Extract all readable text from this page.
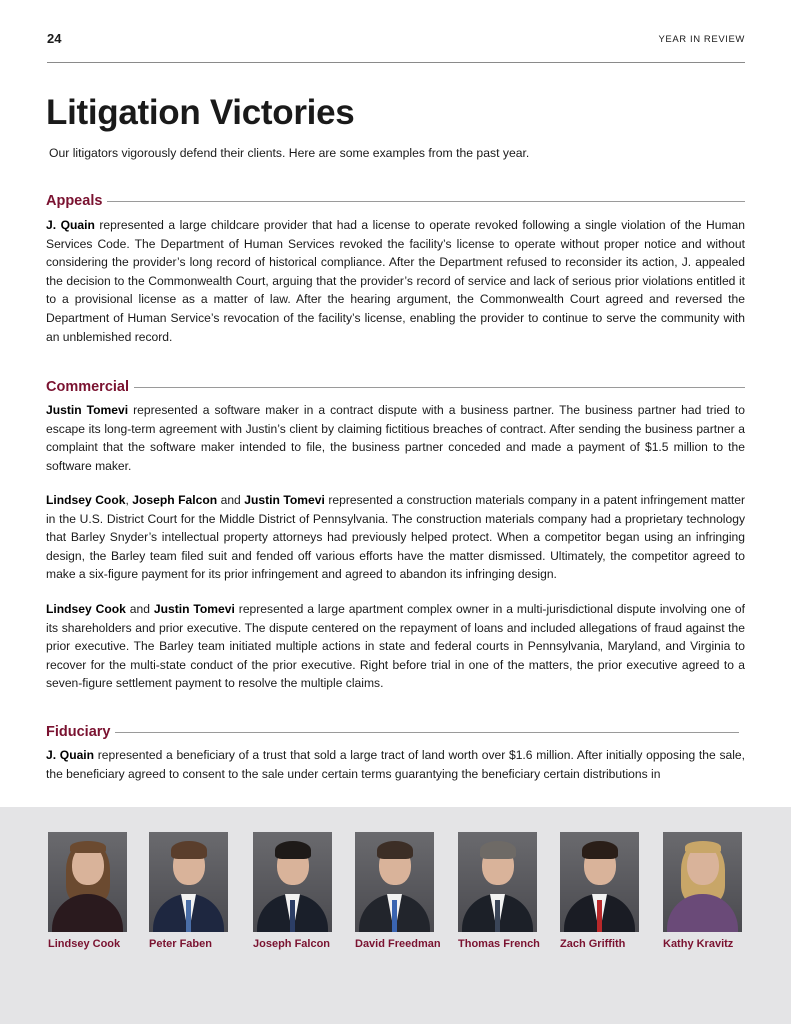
24	YEAR IN REVIEW
Litigation Victories

Our litigators vigorously defend their clients. Here are some examples from the past year.

Appeals

J. Quain represented a large childcare provider that had a license to operate revoked following a single violation of the Human Services Code. The Department of Human Services revoked the facility’s license to operate without proper notice and without considering the provider’s long record of historical compliance. After the Department refused to reconsider its action, J. appealed the decision to the Commonwealth Court, arguing that the provider’s record of service and lack of serious prior violations entitled it to a provisional license as a matter of law. After the hearing argument, the Commonwealth Court agreed and reversed the Department of Human Service’s revocation of the facility’s license, enabling the provider to continue to serve the community with an unblemished record.

Commercial

Justin Tomevi represented a software maker in a contract dispute with a business partner. The business partner had tried to escape its long-term agreement with Justin’s client by claiming fictitious breaches of contract. After sending the business partner a complaint that the software maker intended to file, the business partner conceded and made a payment of $1.5 million to the software maker.

Lindsey Cook, Joseph Falcon and Justin Tomevi represented a construction materials company in a patent infringement matter in the U.S. District Court for the Middle District of Pennsylvania. The construction materials company had a proprietary technology that Barley Snyder’s intellectual property attorneys had previously helped protect. When a competitor began using an infringing design, the Barley team filed suit and fended off various efforts have the matter dismissed. Ultimately, the competitor agreed to make a six-figure payment for its prior infringement and agreed to abandon its infringing design.

Lindsey Cook and Justin Tomevi represented a large apartment complex owner in a multi-jurisdictional dispute involving one of its shareholders and prior executive. The dispute centered on the repayment of loans and included allegations of fraud against the prior executive. The Barley team initiated multiple actions in state and federal courts in Pennsylvania, Maryland, and Virginia to recover for the multi-state conduct of the prior executive. Right before trial in one of the matters, the prior executive agreed to a seven-figure settlement payment to resolve the multiple claims.

Fiduciary

J. Quain represented a beneficiary of a trust that sold a large tract of land worth over $1.6 million. After initially opposing the sale, the beneficiary agreed to consent to the sale under certain terms guarantying the beneficiary certain distributions in

Lindsey Cook	Peter Faben	Joseph Falcon	David Freedman	Thomas French	Zach Griffith	Kathy Kravitz
